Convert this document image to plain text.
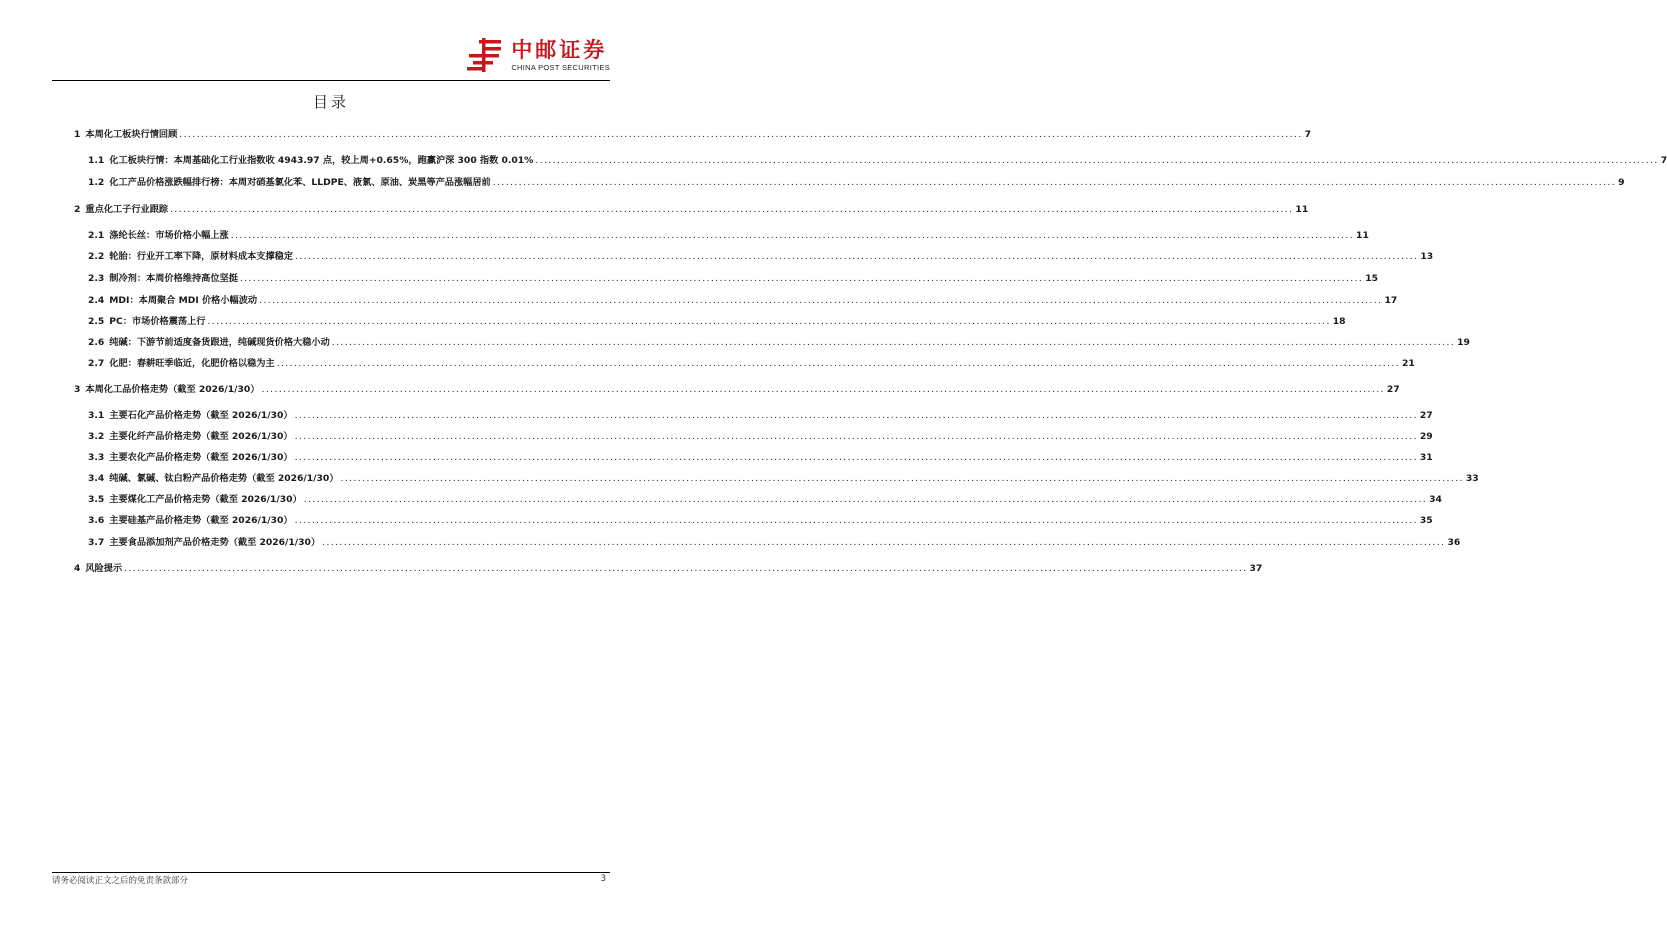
中邮证券
CHINA POST SECURITIES
目录
1 本周化工板块行情回顾 .................................................................................................................................................................................................................................................................... 7
1.1 化工板块行情：本周基础化工行业指数收 4943.97 点，较上周+0.65%，跑赢沪深 300 指数 0.01% .................................................................................................................................................................................................................................................................... 7
1.2 化工产品价格涨跌幅排行榜：本周对硝基氯化苯、LLDPE、液氯、原油、炭黑等产品涨幅居前 .................................................................................................................................................................................................................................................................... 9
2 重点化工子行业跟踪 .................................................................................................................................................................................................................................................................... 11
2.1 涤纶长丝：市场价格小幅上涨 .................................................................................................................................................................................................................................................................... 11
2.2 轮胎：行业开工率下降，原材料成本支撑稳定 .................................................................................................................................................................................................................................................................... 13
2.3 制冷剂：本周价格维持高位坚挺 .................................................................................................................................................................................................................................................................... 15
2.4 MDI：本周聚合 MDI 价格小幅波动 .................................................................................................................................................................................................................................................................... 17
2.5 PC：市场价格震荡上行 .................................................................................................................................................................................................................................................................... 18
2.6 纯碱：下游节前适度备货跟进，纯碱现货价格大稳小动 .................................................................................................................................................................................................................................................................... 19
2.7 化肥：春耕旺季临近，化肥价格以稳为主 .................................................................................................................................................................................................................................................................... 21
3 本周化工品价格走势（截至 2026/1/30） .................................................................................................................................................................................................................................................................... 27
3.1 主要石化产品价格走势（截至 2026/1/30） .................................................................................................................................................................................................................................................................... 27
3.2 主要化纤产品价格走势（截至 2026/1/30） .................................................................................................................................................................................................................................................................... 29
3.3 主要农化产品价格走势（截至 2026/1/30） .................................................................................................................................................................................................................................................................... 31
3.4 纯碱、氯碱、钛白粉产品价格走势（截至 2026/1/30） .................................................................................................................................................................................................................................................................... 33
3.5 主要煤化工产品价格走势（截至 2026/1/30） .................................................................................................................................................................................................................................................................... 34
3.6 主要硅基产品价格走势（截至 2026/1/30） .................................................................................................................................................................................................................................................................... 35
3.7 主要食品添加剂产品价格走势（截至 2026/1/30） .................................................................................................................................................................................................................................................................... 36
4 风险提示 .................................................................................................................................................................................................................................................................... 37
请务必阅读正文之后的免责条款部分	3
